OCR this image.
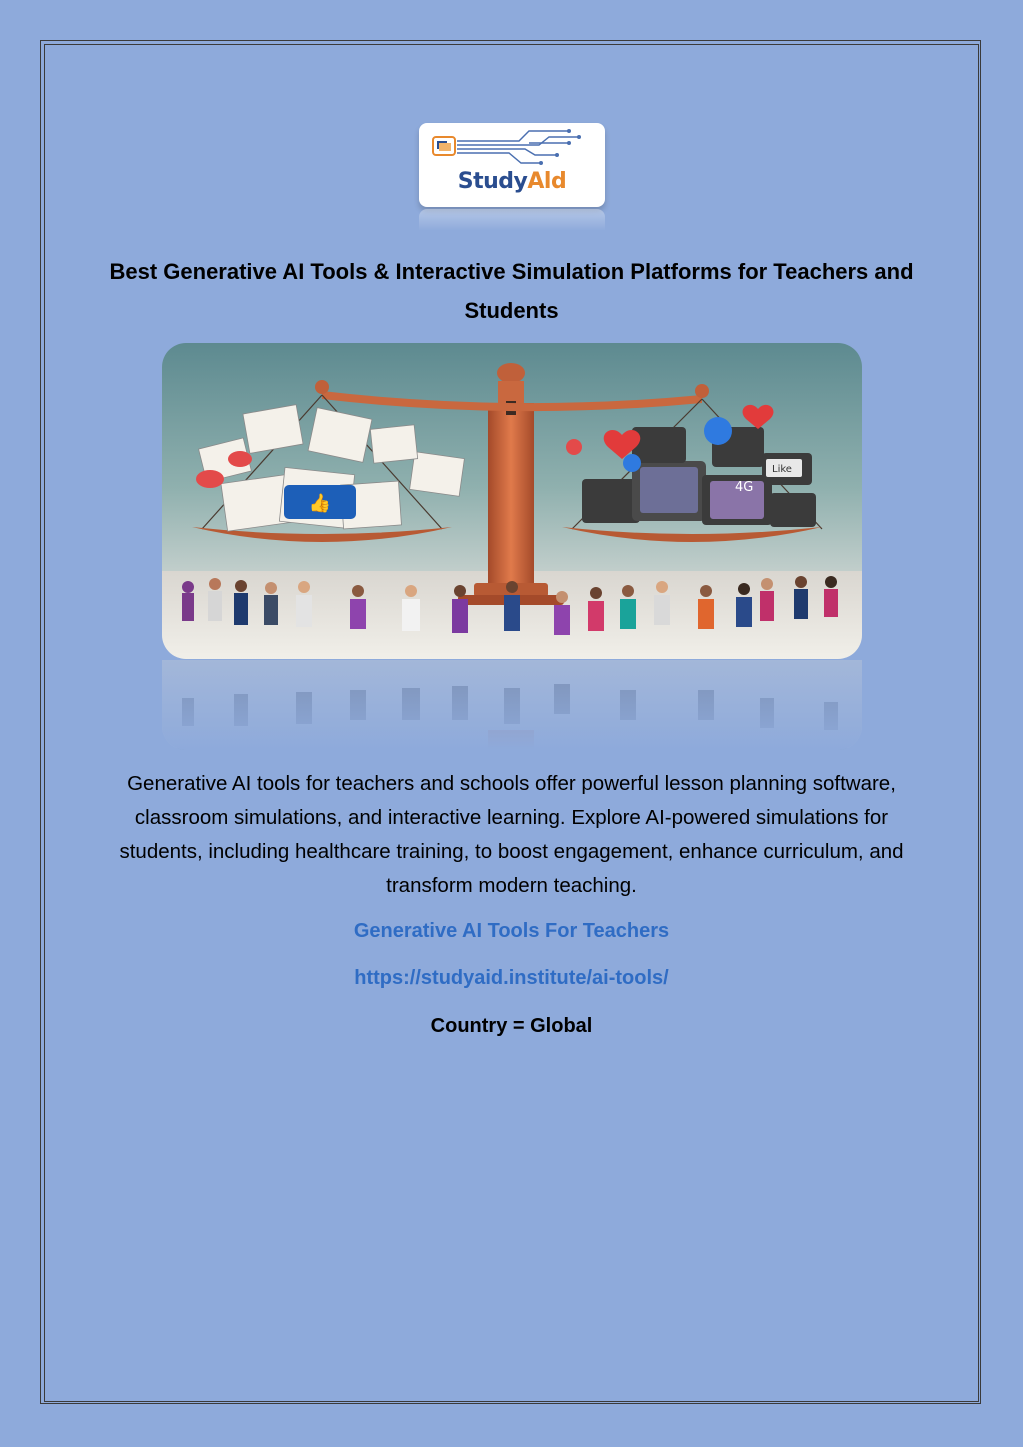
StudyAld
Best Generative AI Tools & Interactive Simulation Platforms for Teachers and Students
👍
4G
Like
Generative AI tools for teachers and schools offer powerful lesson planning software, classroom simulations, and interactive learning. Explore AI-powered simulations for students, including healthcare training, to boost engagement, enhance curriculum, and transform modern teaching.
Generative AI Tools For Teachers
https://studyaid.institute/ai-tools/
Country = Global
